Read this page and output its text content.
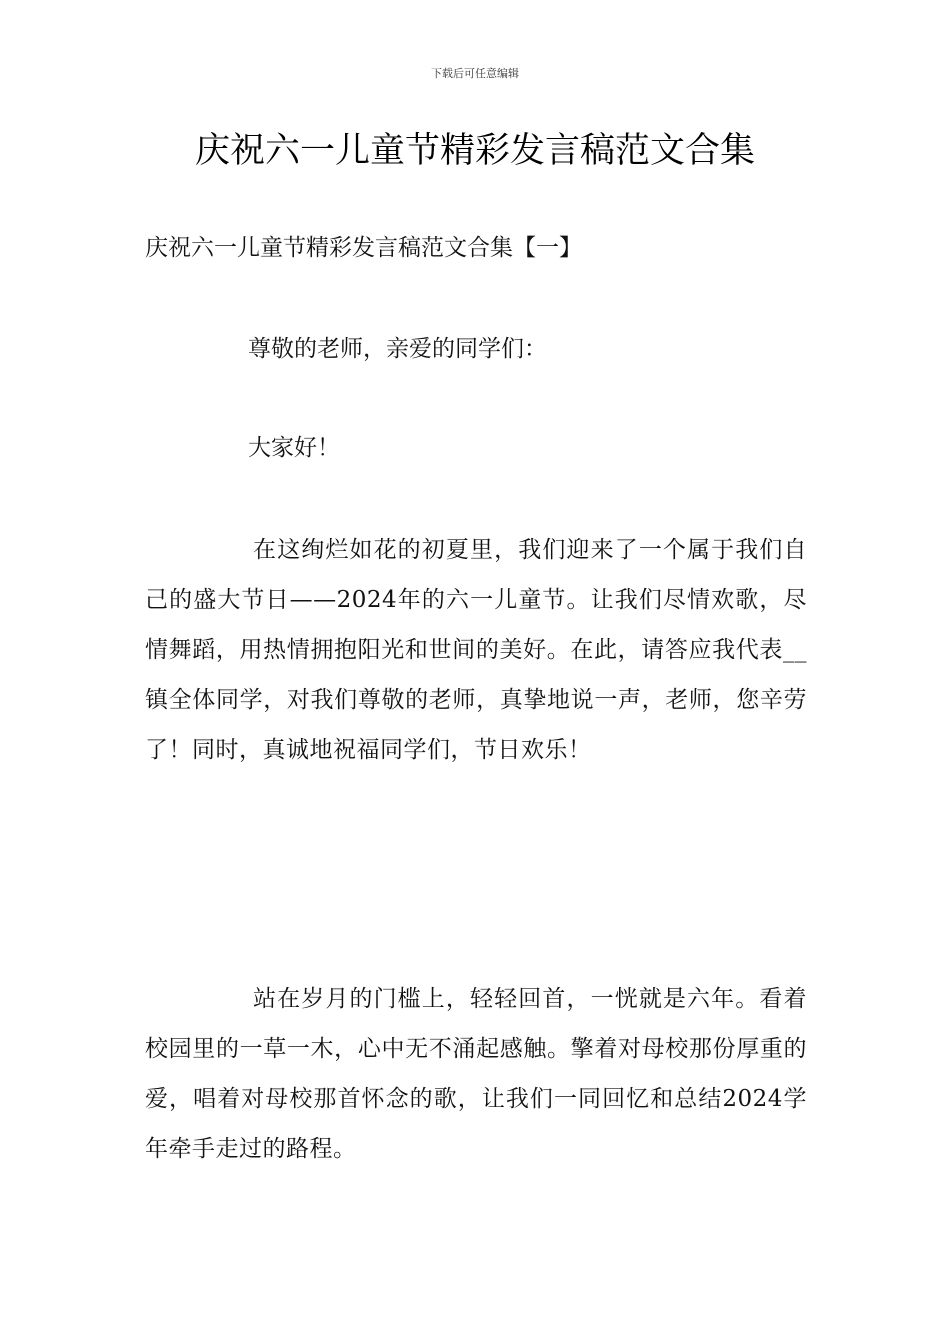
下载后可任意编辑
庆祝六一儿童节精彩发言稿范文合集
庆祝六一儿童节精彩发言稿范文合集【一】

尊敬的老师，亲爱的同学们：

大家好！

在这绚烂如花的初夏里，我们迎来了一个属于我们自己的盛大节日——2024年的六一儿童节。让我们尽情欢歌，尽情舞蹈，用热情拥抱阳光和世间的美好。在此，请答应我代表__镇全体同学，对我们尊敬的老师，真挚地说一声，老师，您辛劳了！同时，真诚地祝福同学们，节日欢乐！

站在岁月的门槛上，轻轻回首，一恍就是六年。看着校园里的一草一木，心中无不涌起感触。擎着对母校那份厚重的爱，唱着对母校那首怀念的歌，让我们一同回忆和总结2024学年牵手走过的路程。
